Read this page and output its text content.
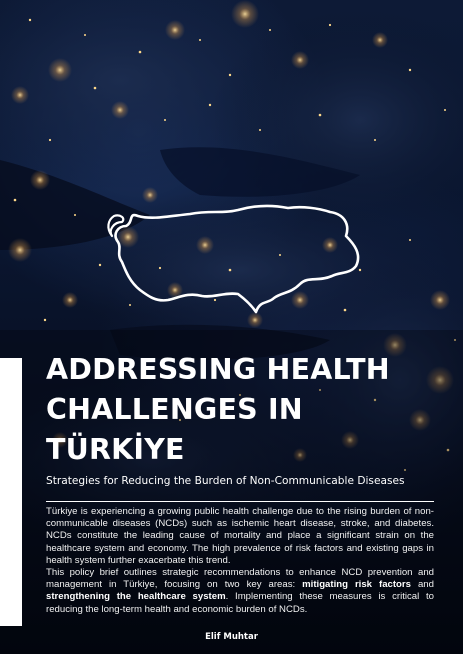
ADDRESSING HEALTH
CHALLENGES IN
TÜRKİYE
Strategies for Reducing the Burden of Non-Communicable Diseases

Türkiye is experiencing a growing public health challenge due to the rising burden of non-communicable diseases (NCDs) such as ischemic heart disease, stroke, and diabetes. NCDs constitute the leading cause of mortality and place a significant strain on the healthcare system and economy. The high prevalence of risk factors and existing gaps in health system further exacerbate this trend.

This policy brief outlines strategic recommendations to enhance NCD prevention and management in Türkiye, focusing on two key areas: mitigating risk factors and strengthening the healthcare system. Implementing these measures is critical to reducing the long-term health and economic burden of NCDs.

Elif Muhtar
